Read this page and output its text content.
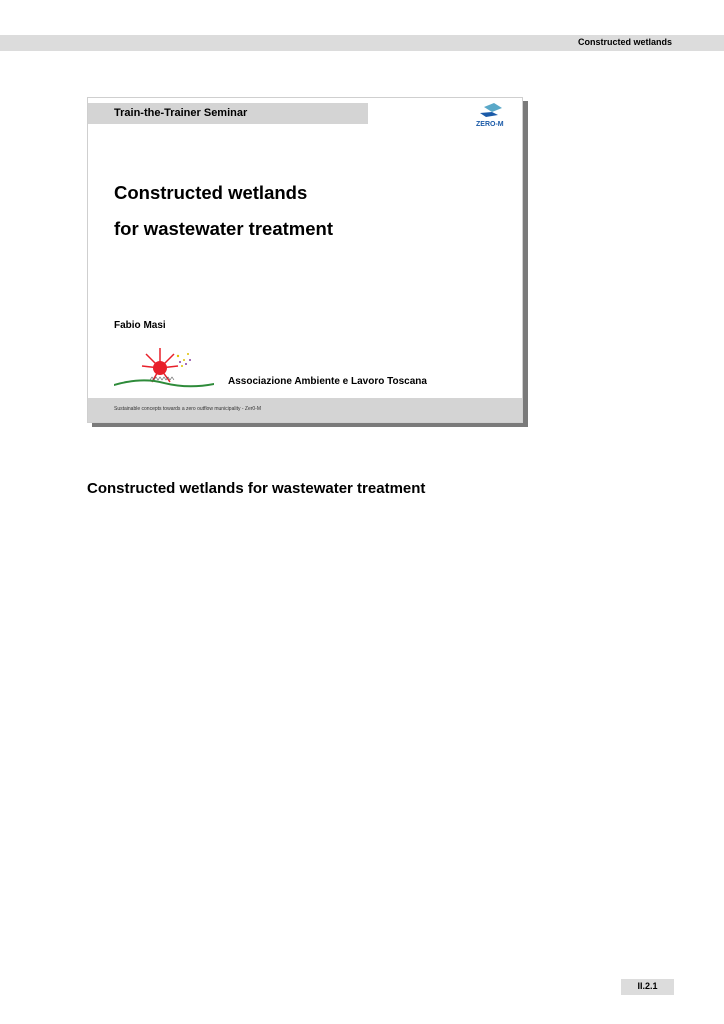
Constructed wetlands
Train-the-Trainer Seminar
ZERO-M
Constructed wetlands
for wastewater treatment
Fabio Masi
Associazione Ambiente e Lavoro Toscana
Sustainable concepts towards a zero outflow municipality - Zer0-M
Constructed wetlands for wastewater treatment
II.2.1
